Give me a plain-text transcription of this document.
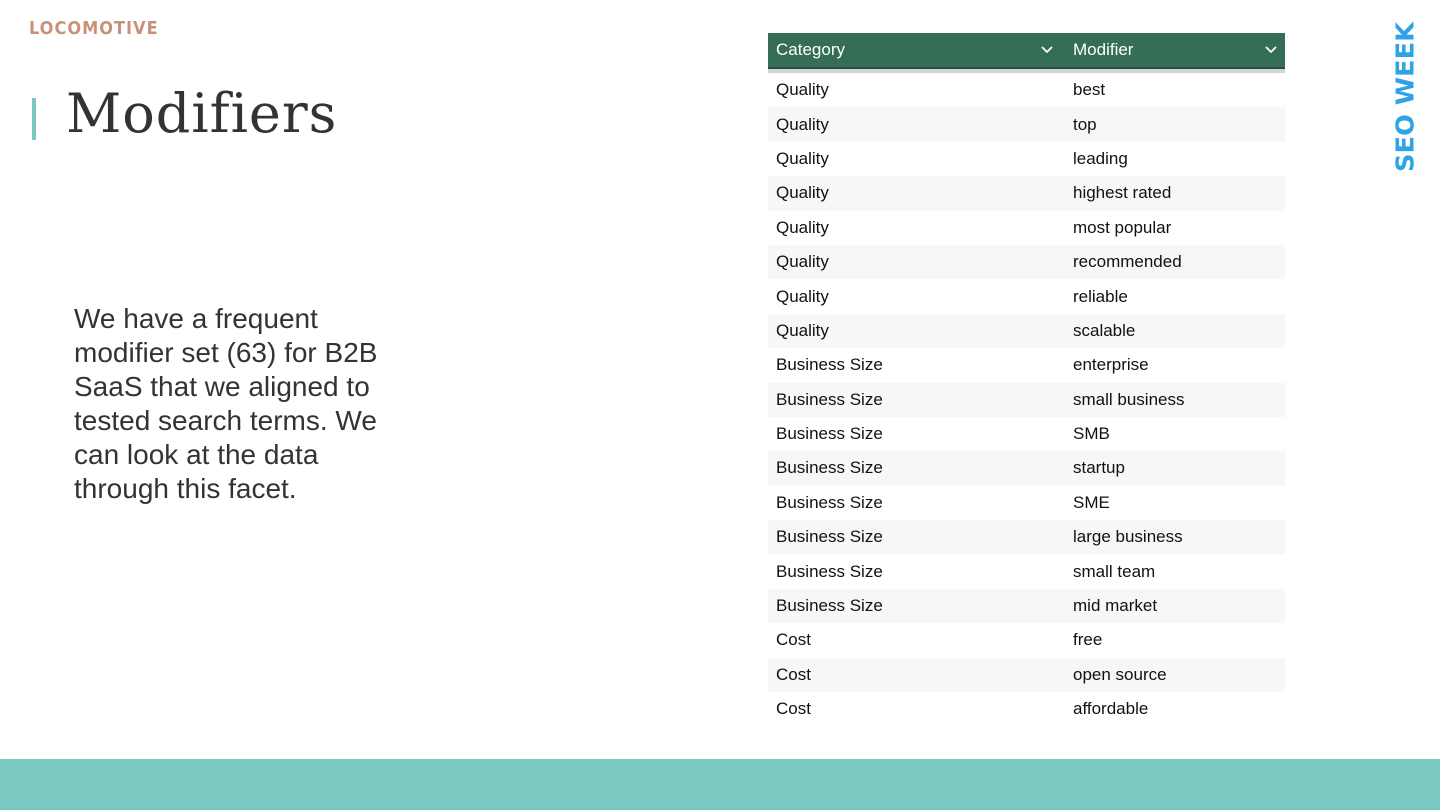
LOCOMOTIVE
Modifiers

We have a frequent modifier set (63) for B2B SaaS that we aligned to tested search terms. We can look at the data through this facet.

Category	Modifier
Quality	best
Quality	top
Quality	leading
Quality	highest rated
Quality	most popular
Quality	recommended
Quality	reliable
Quality	scalable
Business Size	enterprise
Business Size	small business
Business Size	SMB
Business Size	startup
Business Size	SME
Business Size	large business
Business Size	small team
Business Size	mid market
Cost	free
Cost	open source
Cost	affordable
SEO WEEK
